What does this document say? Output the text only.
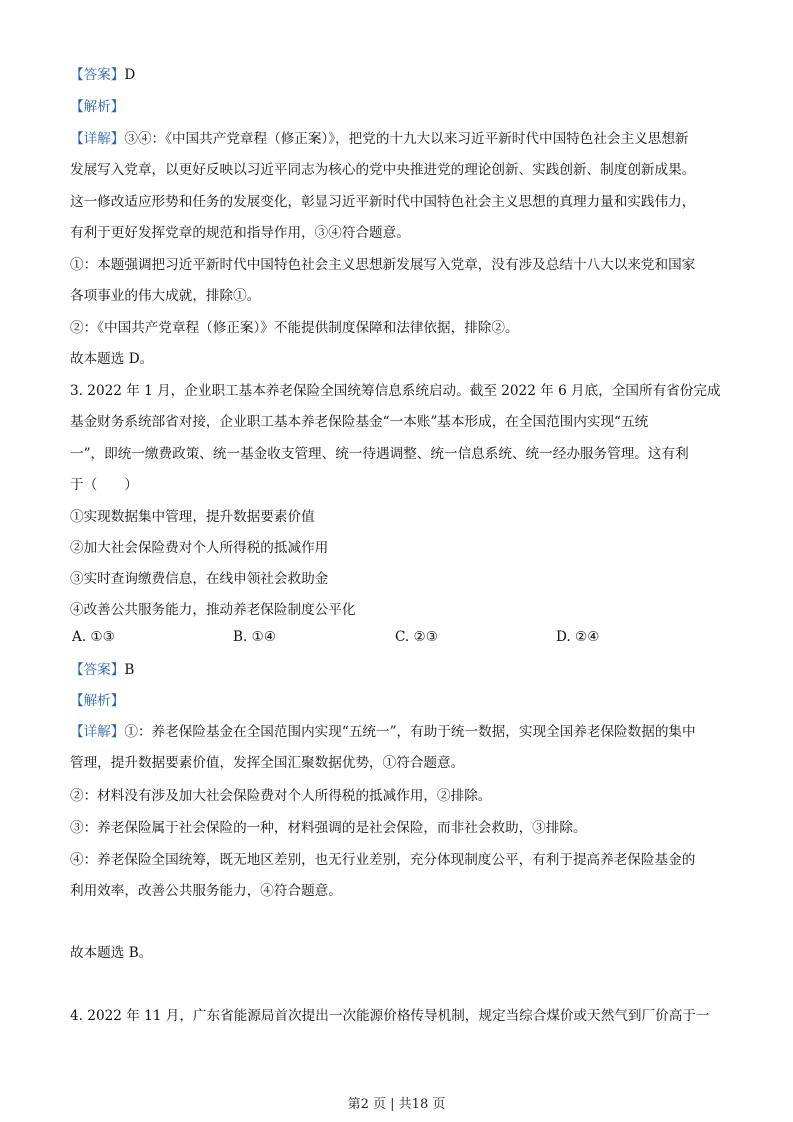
【答案】D
【解析】
【详解】③④：《中国共产党章程（修正案）》，把党的十九大以来习近平新时代中国特色社会主义思想新
发展写入党章，以更好反映以习近平同志为核心的党中央推进党的理论创新、实践创新、制度创新成果。
这一修改适应形势和任务的发展变化，彰显习近平新时代中国特色社会主义思想的真理力量和实践伟力，
有利于更好发挥党章的规范和指导作用，③④符合题意。
①：本题强调把习近平新时代中国特色社会主义思想新发展写入党章，没有涉及总结十八大以来党和国家
各项事业的伟大成就，排除①。
②：《中国共产党章程（修正案）》不能提供制度保障和法律依据，排除②。
故本题选 D。
3. 2022 年 1 月，企业职工基本养老保险全国统筹信息系统启动。截至 2022 年 6 月底，全国所有省份完成
基金财务系统部省对接，企业职工基本养老保险基金“一本账”基本形成，在全国范围内实现“五统
一”，即统一缴费政策、统一基金收支管理、统一待遇调整、统一信息系统、统一经办服务管理。这有利
于（　　）
①实现数据集中管理，提升数据要素价值
②加大社会保险费对个人所得税的抵减作用
③实时查询缴费信息，在线申领社会救助金
④改善公共服务能力，推动养老保险制度公平化
A. ①③	B. ①④	C. ②③	D. ②④
【答案】B
【解析】
【详解】①：养老保险基金在全国范围内实现“五统一”，有助于统一数据，实现全国养老保险数据的集中
管理，提升数据要素价值，发挥全国汇聚数据优势，①符合题意。
②：材料没有涉及加大社会保险费对个人所得税的抵减作用，②排除。
③：养老保险属于社会保险的一种，材料强调的是社会保险，而非社会救助，③排除。
④：养老保险全国统筹，既无地区差别，也无行业差别，充分体现制度公平，有利于提高养老保险基金的
利用效率，改善公共服务能力，④符合题意。
故本题选 B。
4. 2022 年 11 月，广东省能源局首次提出一次能源价格传导机制，规定当综合煤价或天然气到厂价高于一
第2 页 | 共18 页
